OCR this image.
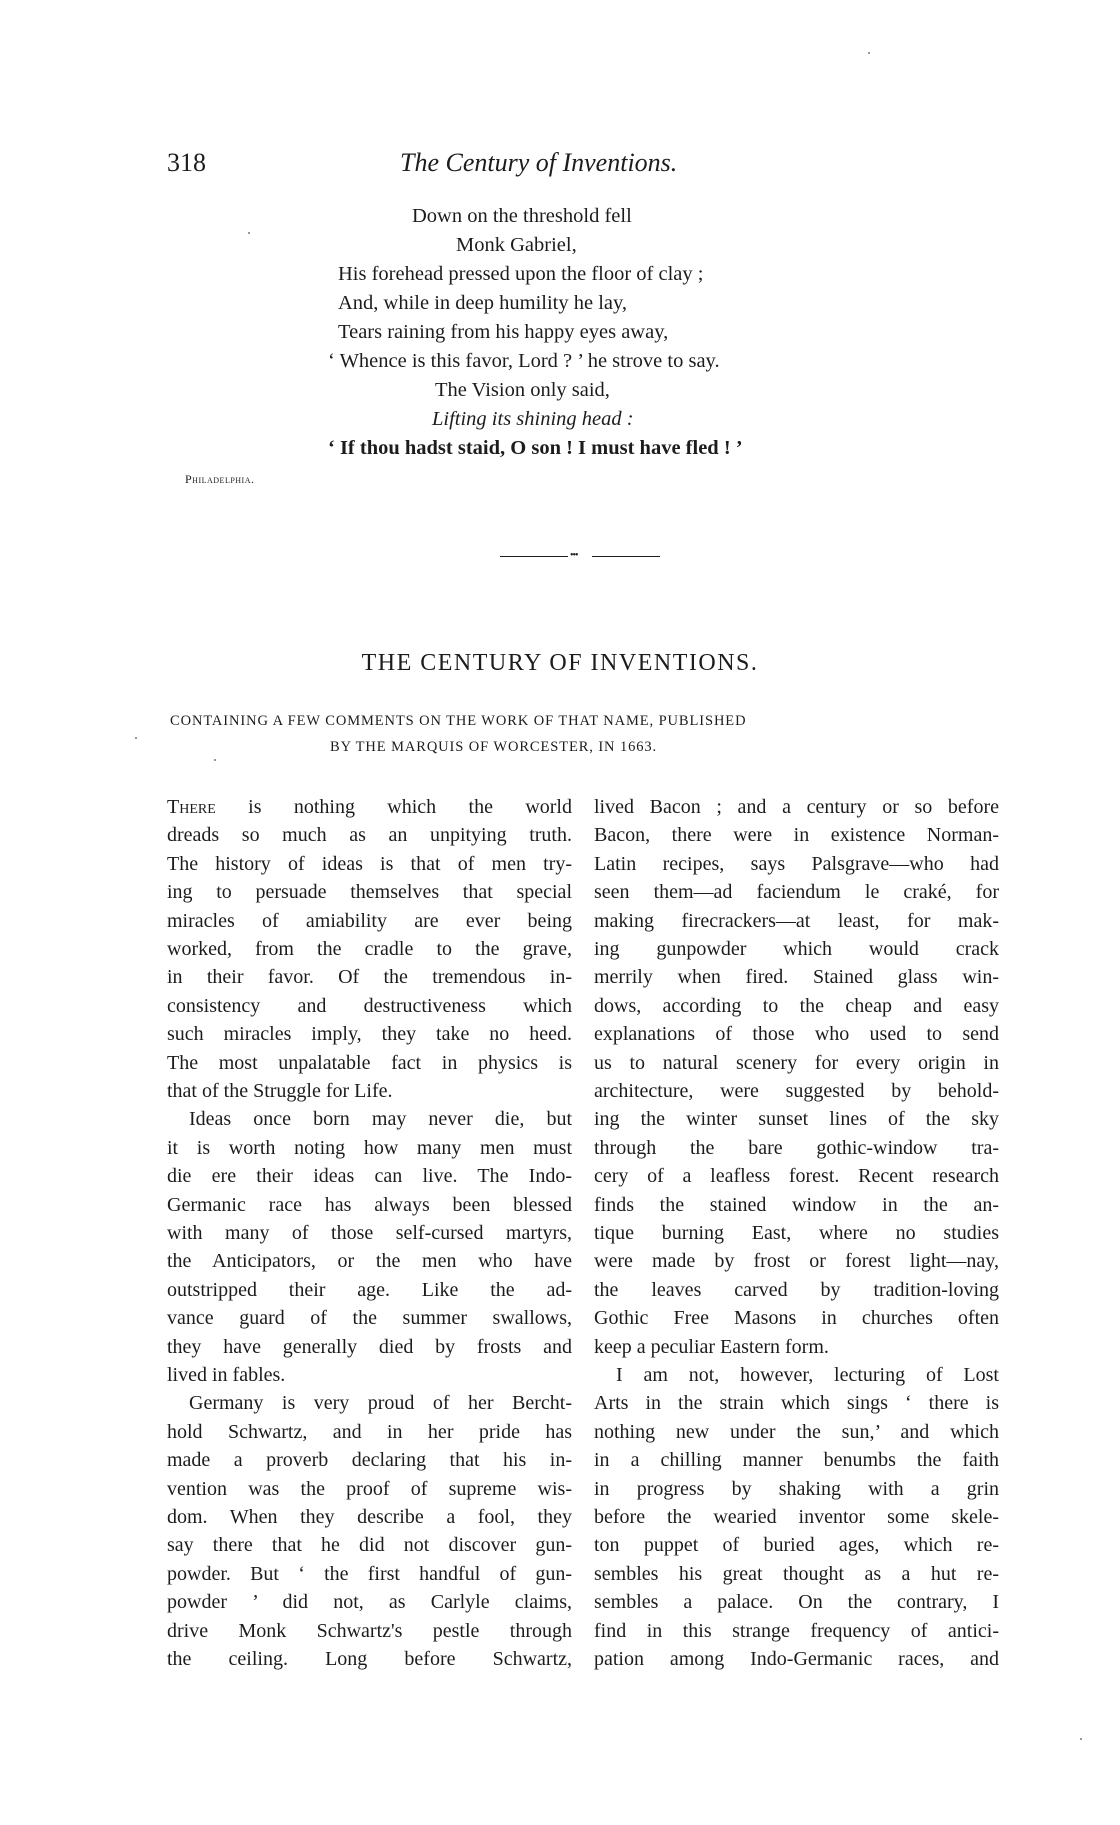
318	The Century of Inventions.
Down on the threshold fell
Monk Gabriel,
His forehead pressed upon the floor of clay ;
And, while in deep humility he lay,
Tears raining from his happy eyes away,
‘ Whence is this favor, Lord ? ’ he strove to say.
The Vision only said,
Lifting its shining head :
‘ If thou hadst staid, O son ! I must have fled ! ’
Philadelphia.
•••
THE CENTURY OF INVENTIONS.
CONTAINING A FEW COMMENTS ON THE WORK OF THAT NAME, PUBLISHED
BY THE MARQUIS OF WORCESTER, IN 1663.
There is nothing which the world
dreads so much as an unpitying truth.
The history of ideas is that of men try-
ing to persuade themselves that special
miracles of amiability are ever being
worked, from the cradle to the grave,
in their favor. Of the tremendous in-
consistency and destructiveness which
such miracles imply, they take no heed.
The most unpalatable fact in physics is
that of the Struggle for Life.
Ideas once born may never die, but
it is worth noting how many men must
die ere their ideas can live. The Indo-
Germanic race has always been blessed
with many of those self-cursed martyrs,
the Anticipators, or the men who have
outstripped their age. Like the ad-
vance guard of the summer swallows,
they have generally died by frosts and
lived in fables.
Germany is very proud of her Bercht-
hold Schwartz, and in her pride has
made a proverb declaring that his in-
vention was the proof of supreme wis-
dom. When they describe a fool, they
say there that he did not discover gun-
powder. But ‘ the first handful of gun-
powder ’ did not, as Carlyle claims,
drive Monk Schwartz's pestle through
the ceiling. Long before Schwartz,
lived Bacon ; and a century or so before
Bacon, there were in existence Norman-
Latin recipes, says Palsgrave—who had
seen them—ad faciendum le craké, for
making firecrackers—at least, for mak-
ing gunpowder which would crack
merrily when fired. Stained glass win-
dows, according to the cheap and easy
explanations of those who used to send
us to natural scenery for every origin in
architecture, were suggested by behold-
ing the winter sunset lines of the sky
through the bare gothic-window tra-
cery of a leafless forest. Recent research
finds the stained window in the an-
tique burning East, where no studies
were made by frost or forest light—nay,
the leaves carved by tradition-loving
Gothic Free Masons in churches often
keep a peculiar Eastern form.
I am not, however, lecturing of Lost
Arts in the strain which sings ‘ there is
nothing new under the sun,’ and which
in a chilling manner benumbs the faith
in progress by shaking with a grin
before the wearied inventor some skele-
ton puppet of buried ages, which re-
sembles his great thought as a hut re-
sembles a palace. On the contrary, I
find in this strange frequency of antici-
pation among Indo-Germanic races, and
